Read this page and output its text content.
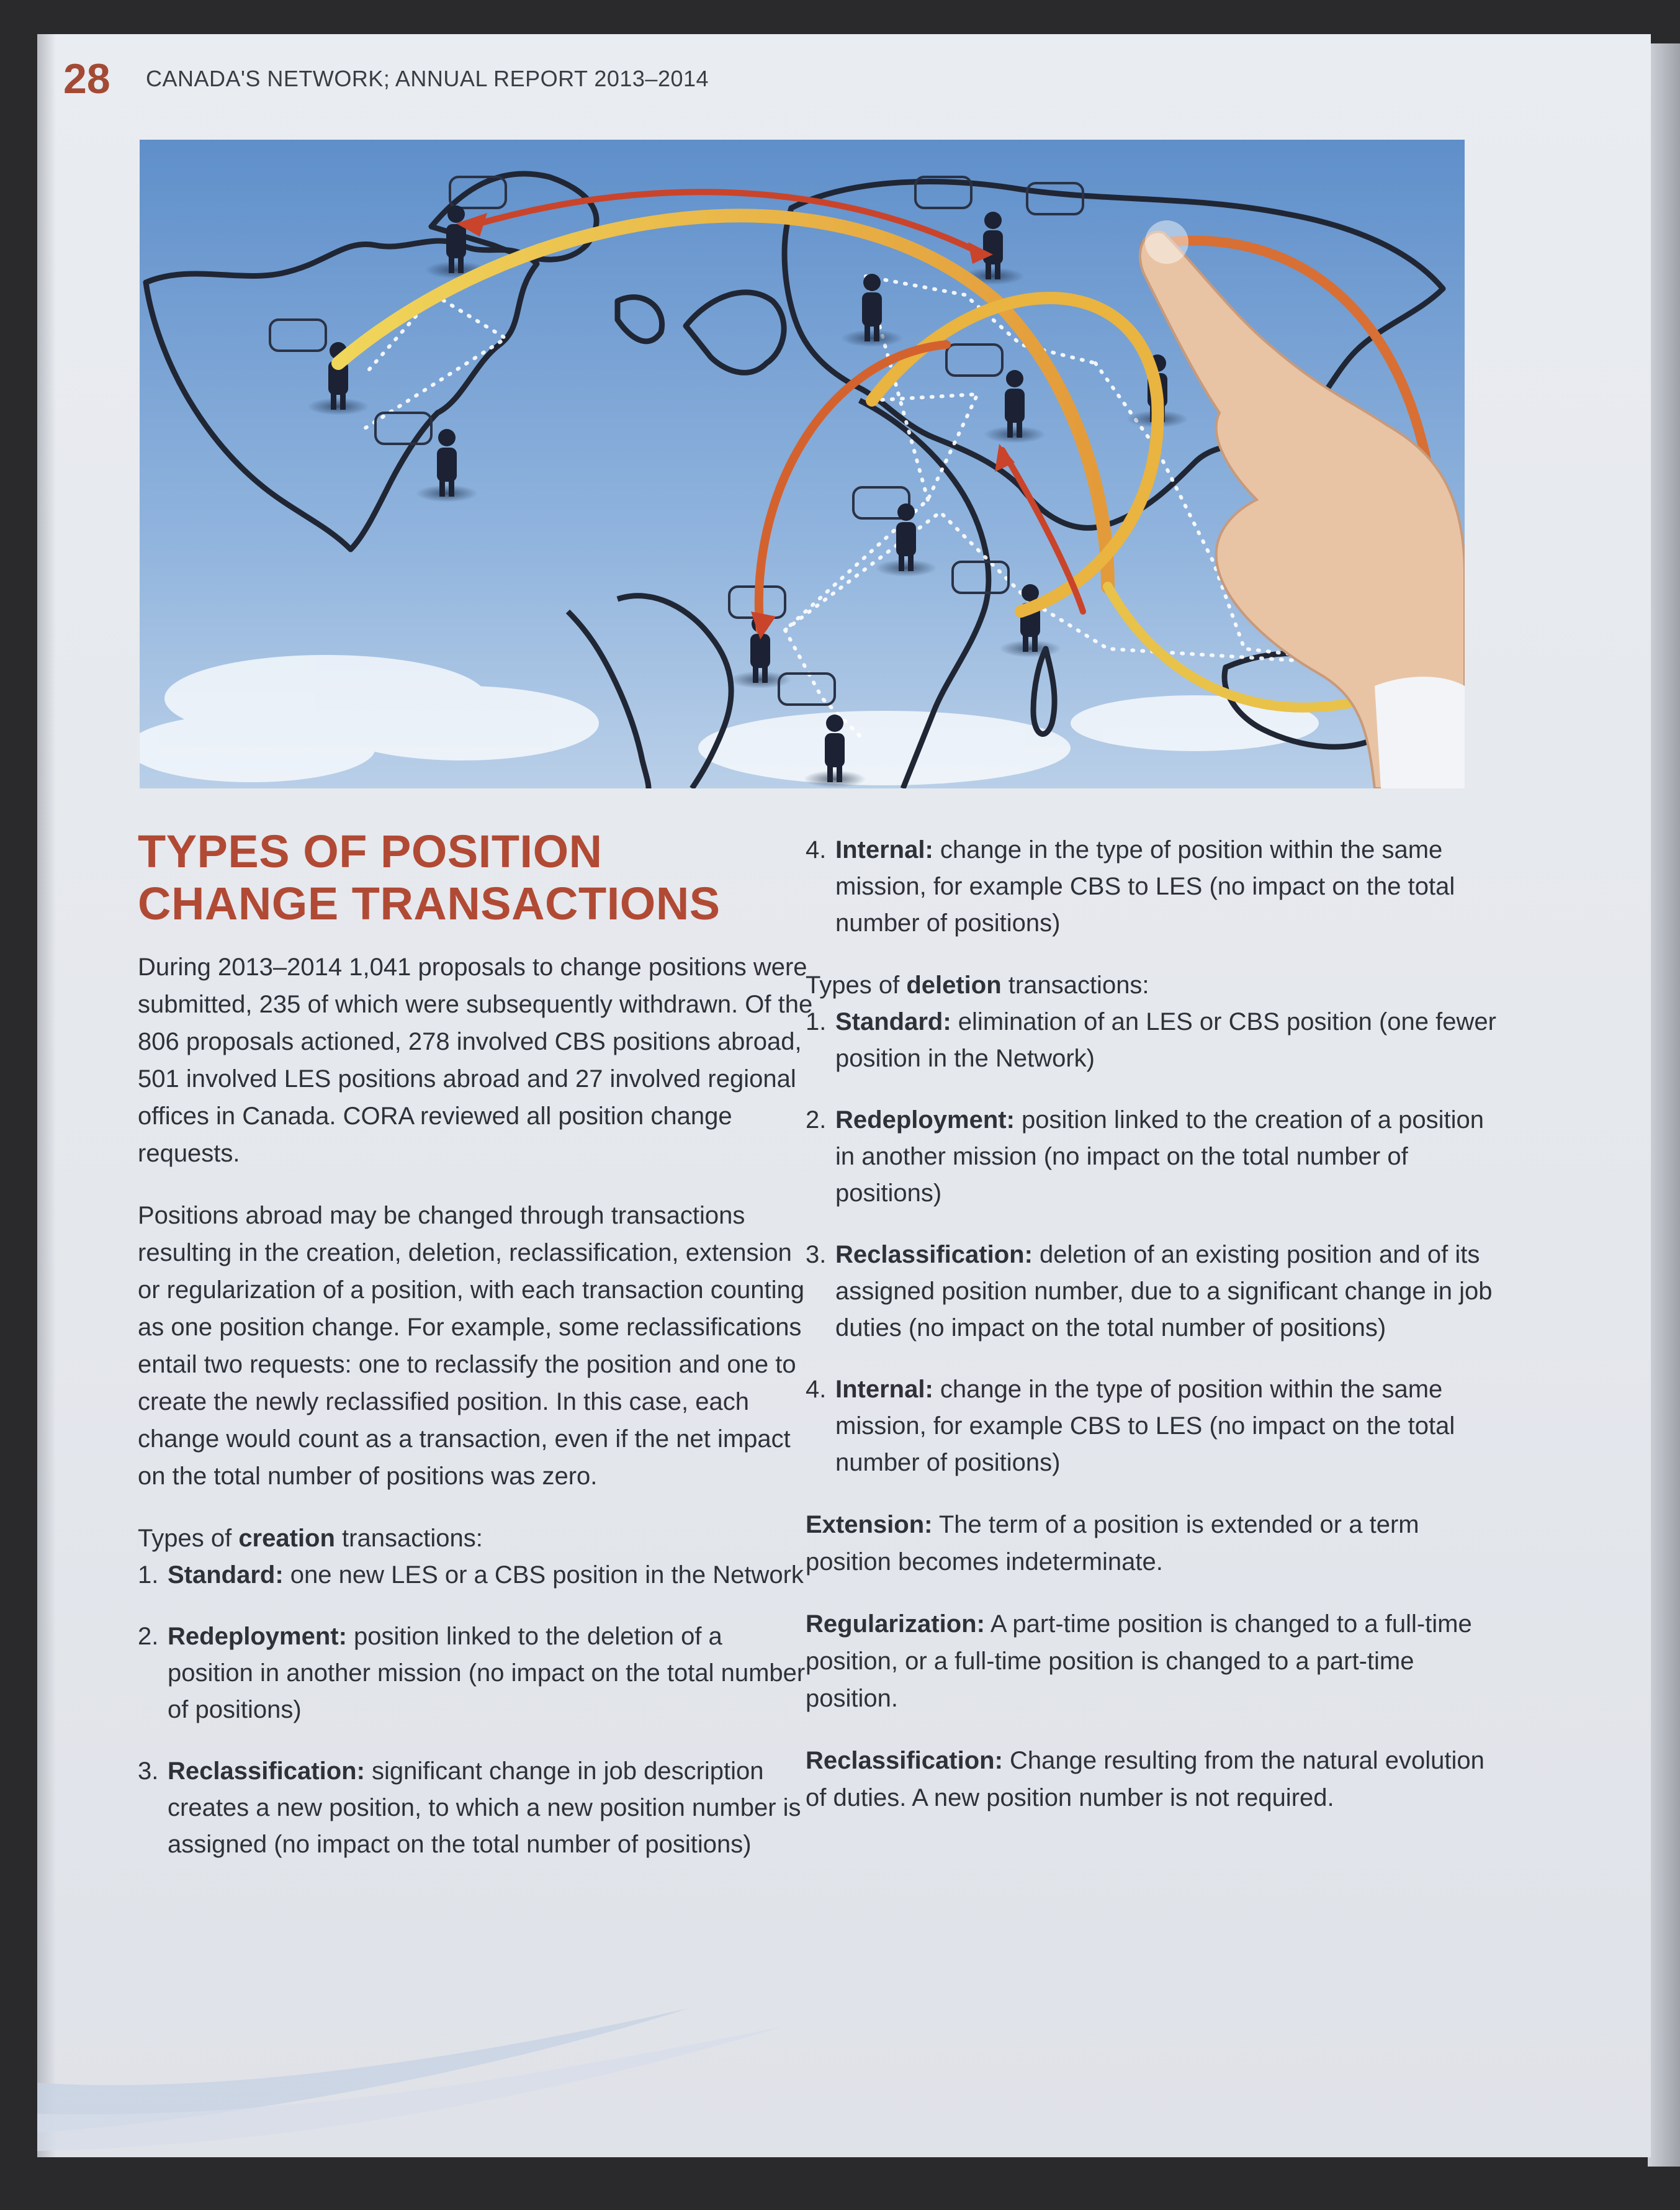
28 CANADA'S NETWORK; ANNUAL REPORT 2013–2014
TYPES OF POSITION
CHANGE TRANSACTIONS

During 2013–2014 1,041 proposals to change positions were submitted, 235 of which were subsequently withdrawn. Of the 806 proposals actioned, 278 involved CBS positions abroad, 501 involved LES positions abroad and 27 involved regional offices in Canada. CORA reviewed all position change requests.

Positions abroad may be changed through transactions resulting in the creation, deletion, reclassification, extension or regularization of a position, with each transaction counting as one position change. For example, some reclassifications entail two requests: one to reclassify the position and one to create the newly reclassified position. In this case, each change would count as a transaction, even if the net impact on the total number of positions was zero.

Types of creation transactions:

1. Standard: one new LES or a CBS position in the Network
2. Redeployment: position linked to the deletion of a position in another mission (no impact on the total number of positions)
3. Reclassification: significant change in job description creates a new position, to which a new position number is assigned (no impact on the total number of positions)
4. Internal: change in the type of position within the same mission, for example CBS to LES (no impact on the total number of positions)

Types of deletion transactions:

1. Standard: elimination of an LES or CBS position (one fewer position in the Network)
2. Redeployment: position linked to the creation of a position in another mission (no impact on the total number of positions)
3. Reclassification: deletion of an existing position and of its assigned position number, due to a significant change in job duties (no impact on the total number of positions)
4. Internal: change in the type of position within the same mission, for example CBS to LES (no impact on the total number of positions)

Extension: The term of a position is extended or a term position becomes indeterminate.

Regularization: A part-time position is changed to a full-time position, or a full-time position is changed to a part-time position.

Reclassification: Change resulting from the natural evolution of duties. A new position number is not required.
